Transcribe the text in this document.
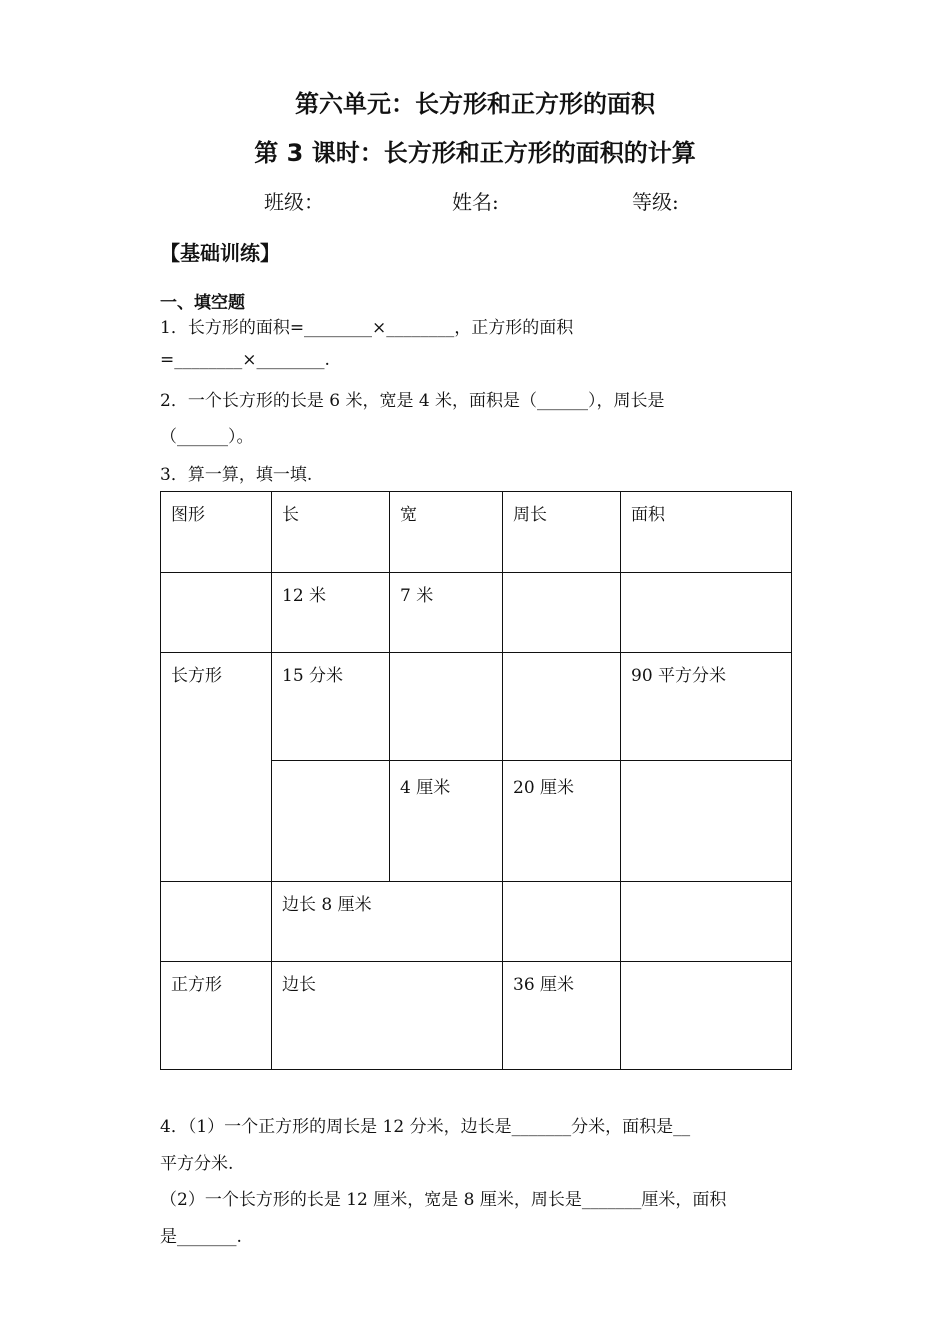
第六单元：长方形和正方形的面积
第 3 课时：长方形和正方形的面积的计算
班级：	姓名:	等级:
【基础训练】
一、填空题
1．长方形的面积=________×________，正方形的面积
=________×________.
2．一个长方形的长是 6 米，宽是 4 米，面积是（______），周长是
（______）。
3．算一算，填一填.
图形	长	宽	周长	面积
	12 米	7 米		
长方形	15 分米			90 平方分米
		4 厘米	20 厘米	
	边长 8 厘米			
正方形	边长		36 厘米	
4．（1）一个正方形的周长是 12 分米，边长是_______分米，面积是__
平方分米.
（2）一个长方形的长是 12 厘米，宽是 8 厘米，周长是_______厘米，面积
是_______.
